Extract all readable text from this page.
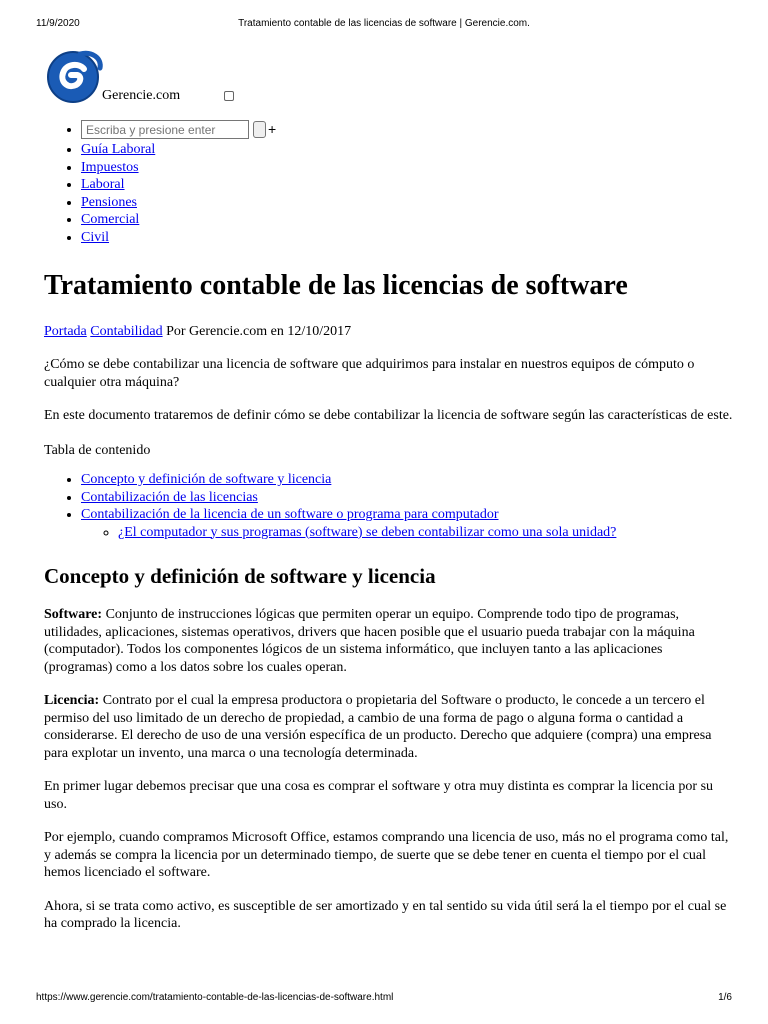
11/9/2020	Tratamiento contable de las licencias de software | Gerencie.com.
Gerencie.com
Escriba y presione enter
• +
• Guía Laboral
• Impuestos
• Laboral
• Pensiones
• Comercial
• Civil
Tratamiento contable de las licencias de software
Portada Contabilidad Por Gerencie.com en 12/10/2017

¿Cómo se debe contabilizar una licencia de software que adquirimos para instalar en nuestros equipos de cómputo o cualquier otra máquina?

En este documento trataremos de definir cómo se debe contabilizar la licencia de software según las características de este.

Tabla de contenido

• Concepto y definición de software y licencia
• Contabilización de las licencias
• Contabilización de la licencia de un software o programa para computador
◦ ¿El computador y sus programas (software) se deben contabilizar como una sola unidad?
Concepto y definición de software y licencia

Software: Conjunto de instrucciones lógicas que permiten operar un equipo. Comprende todo tipo de programas, utilidades, aplicaciones, sistemas operativos, drivers que hacen posible que el usuario pueda trabajar con la máquina (computador). Todos los componentes lógicos de un sistema informático, que incluyen tanto a las aplicaciones (programas) como a los datos sobre los cuales operan.

Licencia: Contrato por el cual la empresa productora o propietaria del Software o producto, le concede a un tercero el permiso del uso limitado de un derecho de propiedad, a cambio de una forma de pago o alguna forma o cantidad a considerarse. El derecho de uso de una versión específica de un producto. Derecho que adquiere (compra) una empresa para explotar un invento, una marca o una tecnología determinada.

En primer lugar debemos precisar que una cosa es comprar el software y otra muy distinta es comprar la licencia por su uso.

Por ejemplo, cuando compramos Microsoft Office, estamos comprando una licencia de uso, más no el programa como tal, y además se compra la licencia por un determinado tiempo, de suerte que se debe tener en cuenta el tiempo por el cual hemos licenciado el software.

Ahora, si se trata como activo, es susceptible de ser amortizado y en tal sentido su vida útil será la el tiempo por el cual se ha comprado la licencia.

https://www.gerencie.com/tratamiento-contable-de-las-licencias-de-software.html	1/6
